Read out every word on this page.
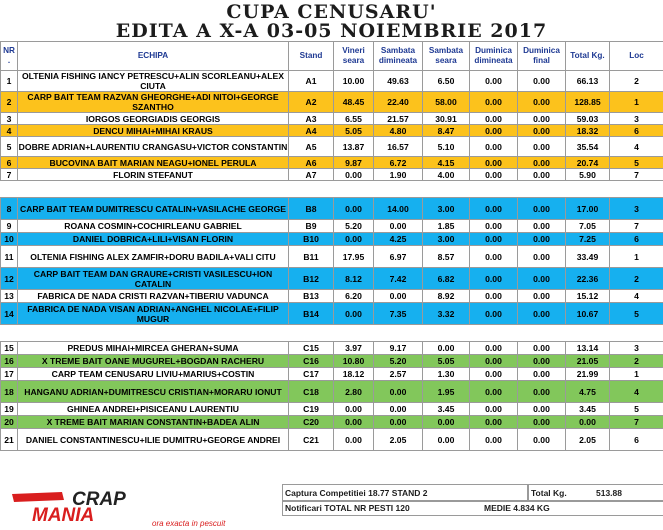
CUPA CENUSARU'
EDITA A X-A 03-05 NOIEMBRIE 2017
NR .	ECHIPA	Stand	Vineri seara	Sambata dimineata	Sambata seara	Duminica dimineata	Duminica final	Total Kg.	Loc
1	OLTENIA FISHING IANCY PETRESCU+ALIN SCORLEANU+ALEX CIUTA	A1	10.00	49.63	6.50	0.00	0.00	66.13	2
2	CARP BAIT TEAM RAZVAN GHEORGHE+ADI NITOI+GEORGE SZANTHO	A2	48.45	22.40	58.00	0.00	0.00	128.85	1
3	IORGOS GEORGIADIS GEORGIS	A3	6.55	21.57	30.91	0.00	0.00	59.03	3
4	DENCU MIHAI+MIHAI KRAUS	A4	5.05	4.80	8.47	0.00	0.00	18.32	6
5	DOBRE ADRIAN+LAURENTIU CRANGASU+VICTOR CONSTANTIN	A5	13.87	16.57	5.10	0.00	0.00	35.54	4
6	BUCOVINA BAIT MARIAN NEAGU+IONEL PERULA	A6	9.87	6.72	4.15	0.00	0.00	20.74	5
7	FLORIN STEFANUT	A7	0.00	1.90	4.00	0.00	0.00	5.90	7

8	CARP BAIT TEAM DUMITRESCU CATALIN+VASILACHE GEORGE	B8	0.00	14.00	3.00	0.00	0.00	17.00	3
9	ROANA COSMIN+COCHIRLEANU GABRIEL	B9	5.20	0.00	1.85	0.00	0.00	7.05	7
10	DANIEL DOBRICA+LILI+VISAN FLORIN	B10	0.00	4.25	3.00	0.00	0.00	7.25	6
11	OLTENIA FISHING ALEX ZAMFIR+DORU BADILA+VALI CITU	B11	17.95	6.97	8.57	0.00	0.00	33.49	1
12	CARP BAIT TEAM DAN GRAURE+CRISTI VASILESCU+ION CATALIN	B12	8.12	7.42	6.82	0.00	0.00	22.36	2
13	FABRICA DE NADA CRISTI RAZVAN+TIBERIU VADUNCA	B13	6.20	0.00	8.92	0.00	0.00	15.12	4
14	FABRICA DE NADA VISAN ADRIAN+ANGHEL NICOLAE+FILIP MUGUR	B14	0.00	7.35	3.32	0.00	0.00	10.67	5

15	PREDUS MIHAI+MIRCEA GHERAN+SUMA	C15	3.97	9.17	0.00	0.00	0.00	13.14	3
16	X TREME BAIT OANE MUGUREL+BOGDAN RACHERU	C16	10.80	5.20	5.05	0.00	0.00	21.05	2
17	CARP TEAM CENUSARU LIVIU+MARIUS+COSTIN	C17	18.12	2.57	1.30	0.00	0.00	21.99	1
18	HANGANU ADRIAN+DUMITRESCU CRISTIAN+MORARU IONUT	C18	2.80	0.00	1.95	0.00	0.00	4.75	4
19	GHINEA ANDREI+PISICEANU LAURENTIU	C19	0.00	0.00	3.45	0.00	0.00	3.45	5
20	X TREME BAIT MARIAN CONSTANTIN+BADEA ALIN	C20	0.00	0.00	0.00	0.00	0.00	0.00	7
21	DANIEL CONSTANTINESCU+ILIE DUMITRU+GEORGE ANDREI	C21	0.00	2.05	0.00	0.00	0.00	2.05	6
CRAP
MANIA	ora exacta in pescuit
Captura Competitiei 18.77 STAND 2	Total Kg.	513.88
Notificari TOTAL NR PESTI 120	MEDIE 4.834 KG
